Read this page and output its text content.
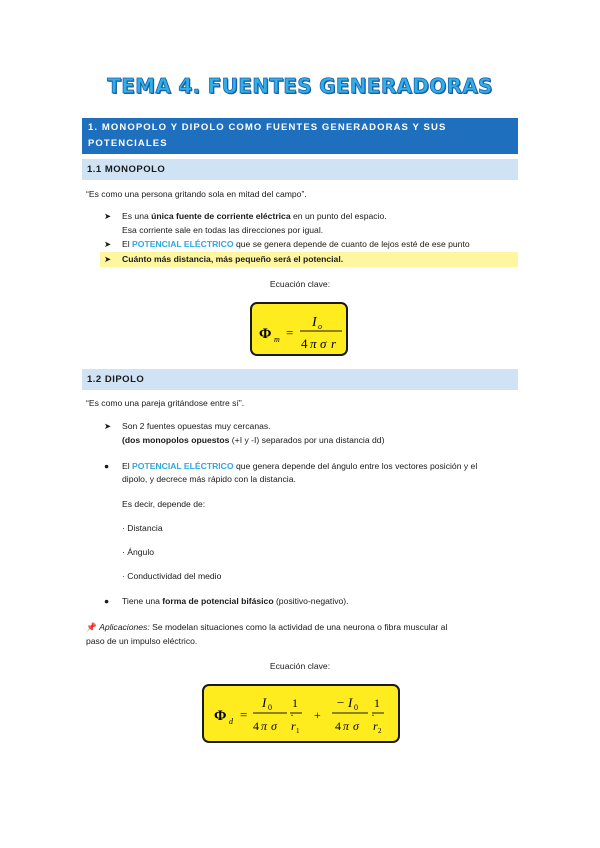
TEMA 4. FUENTES GENERADORAS
1. MONOPOLO Y DIPOLO COMO FUENTES GENERADORAS Y SUS
POTENCIALES
1.1 MONOPOLO
“Es como una persona gritando sola en mitad del campo”.
➤ Es una única fuente de corriente eléctrica en un punto del espacio.
Esa corriente sale en todas las direcciones por igual.
➤ El POTENCIAL ELÉCTRICO que se genera depende de cuanto de lejos esté de ese punto
➤ Cuánto más distancia, más pequeño será el potencial.
Ecuación clave:
Φ m =
I o
4 π σ r
1.2 DIPOLO
“Es como una pareja gritándose entre sí”.
➤ Son 2 fuentes opuestas muy cercanas.
(dos monopolos opuestos (+I y -I) separados por una distancia dd)
● El POTENCIAL ELÉCTRICO que genera depende del ángulo entre los vectores posición y el
dipolo, y decrece más rápido con la distancia.
Es decir, depende de:
· Distancia
· Ángulo
· Conductividad del medio
● Tiene una forma de potencial bifásico (positivo-negativo).
📌 Aplicaciones: Se modelan situaciones como la actividad de una neurona o fibra muscular al
paso de un impulso eléctrico.
Ecuación clave:
Φ d =
I 0
4 π σ
·
1
r 1
+
− I 0
4 π σ
·
1
r 2
